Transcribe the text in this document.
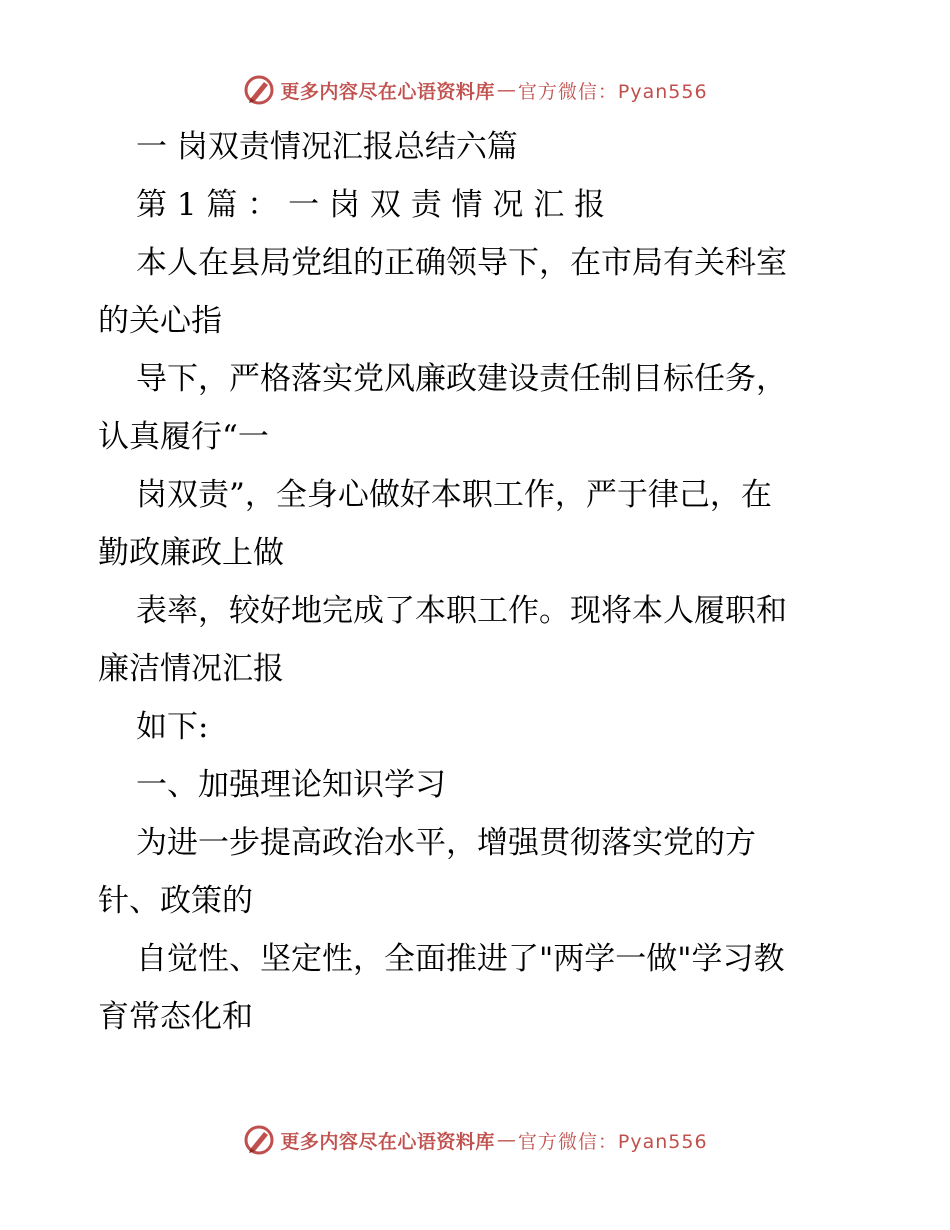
更多内容尽在心语资料库 — 官方微信：Pyan556
一 岗双责情况汇报总结六篇
第 1 篇 ： 一 岗 双 责 情 况 汇 报
本人在县局党组的正确领导下，在市局有关科室
的关心指
导下，严格落实党风廉政建设责任制目标任务，
认真履行“一
岗双责”，全身心做好本职工作，严于律己，在
勤政廉政上做
表率，较好地完成了本职工作。现将本人履职和
廉洁情况汇报
如下:
一、加强理论知识学习
为进一步提高政治水平，增强贯彻落实党的方
针、政策的
自觉性、坚定性，全面推进了"两学一做"学习教
育常态化和
更多内容尽在心语资料库 — 官方微信：Pyan556
